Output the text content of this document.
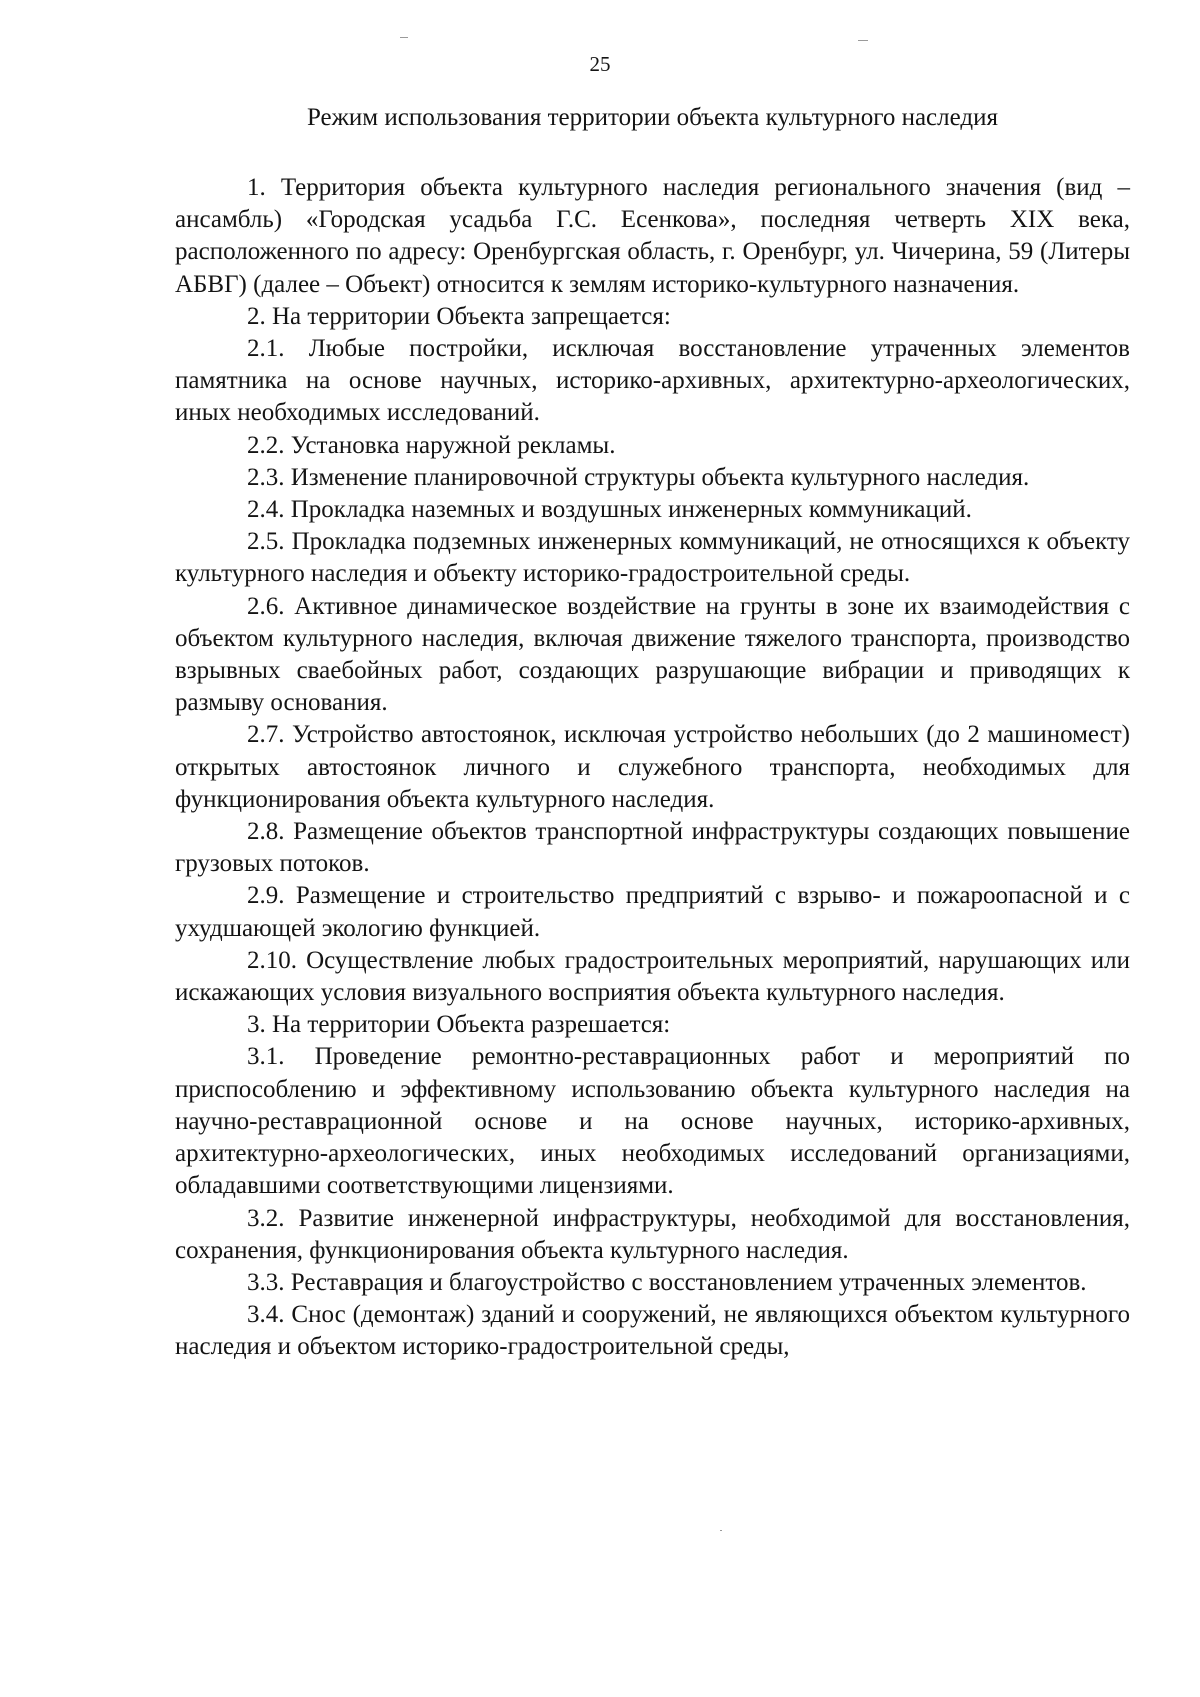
25
Режим использования территории объекта культурного наследия

1. Территория объекта культурного наследия регионального значения (вид – ансамбль) «Городская усадьба Г.С. Есенкова», последняя четверть XIX века, расположенного по адресу: Оренбургская область, г. Оренбург, ул. Чичерина, 59 (Литеры АБВГ) (далее – Объект) относится к землям историко-культурного назначения.

2. На территории Объекта запрещается:

2.1. Любые постройки, исключая восстановление утраченных элементов памятника на основе научных, историко-архивных, архитектурно-археологических, иных необходимых исследований.

2.2. Установка наружной рекламы.

2.3. Изменение планировочной структуры объекта культурного наследия.

2.4. Прокладка наземных и воздушных инженерных коммуникаций.

2.5. Прокладка подземных инженерных коммуникаций, не относящихся к объекту культурного наследия и объекту историко-градостроительной среды.

2.6. Активное динамическое воздействие на грунты в зоне их взаимодействия с объектом культурного наследия, включая движение тяжелого транспорта, производство взрывных сваебойных работ, создающих разрушающие вибрации и приводящих к размыву основания.

2.7. Устройство автостоянок, исключая устройство небольших (до 2 машиномест) открытых автостоянок личного и служебного транспорта, необходимых для функционирования объекта культурного наследия.

2.8. Размещение объектов транспортной инфраструктуры создающих повышение грузовых потоков.

2.9. Размещение и строительство предприятий с взрыво- и пожароопасной и с ухудшающей экологию функцией.

2.10. Осуществление любых градостроительных мероприятий, нарушающих или искажающих условия визуального восприятия объекта культурного наследия.

3. На территории Объекта разрешается:

3.1. Проведение ремонтно-реставрационных работ и мероприятий по приспособлению и эффективному использованию объекта культурного наследия на научно-реставрационной основе и на основе научных, историко-архивных, архитектурно-археологических, иных необходимых исследований организациями, обладавшими соответствующими лицензиями.

3.2. Развитие инженерной инфраструктуры, необходимой для восстановления, сохранения, функционирования объекта культурного наследия.

3.3. Реставрация и благоустройство с восстановлением утраченных элементов.

3.4. Снос (демонтаж) зданий и сооружений, не являющихся объектом культурного наследия и объектом историко-градостроительной среды,
